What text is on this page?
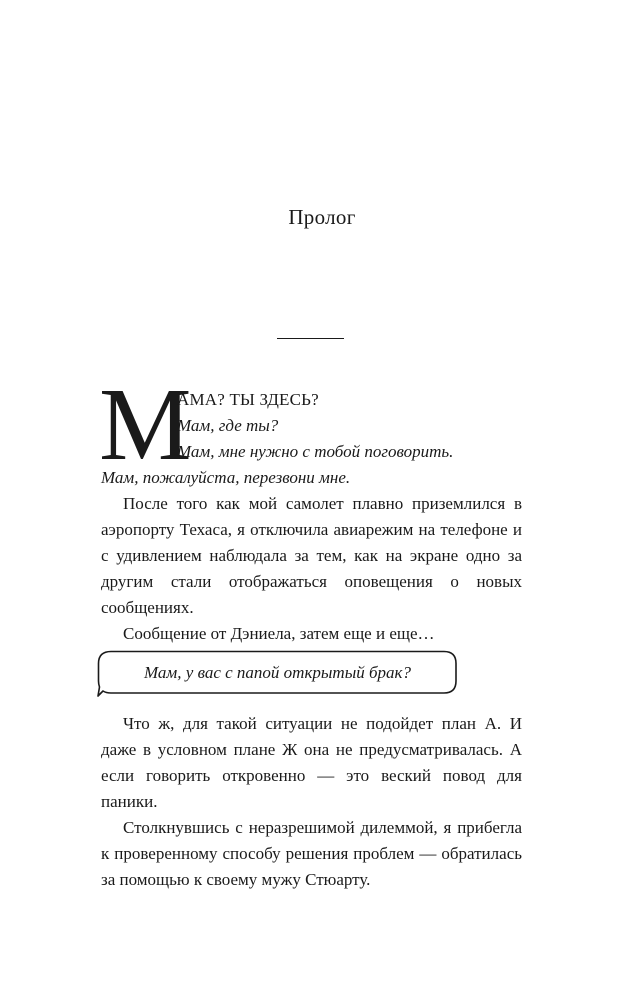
Пролог
М
АМА? ТЫ ЗДЕСЬ?
Мам, где ты?
Мам, мне нужно с тобой поговорить.

Мам, пожалуйста, перезвони мне.

После того как мой самолет плавно приземлился в аэропорту Техаса, я отключила авиарежим на телефоне и с удивлением наблюдала за тем, как на экране одно за другим стали отображаться оповещения о новых сообщениях.

Сообщение от Дэниела, затем еще и еще…

Мам, у вас с папой открытый брак?

Что ж, для такой ситуации не подойдет план А. И даже в условном плане Ж она не предусматривалась. А если говорить откровенно — это веский повод для паники.

Столкнувшись с неразрешимой дилеммой, я прибегла к проверенному способу решения проблем — обратилась за помощью к своему мужу Стюарту.
